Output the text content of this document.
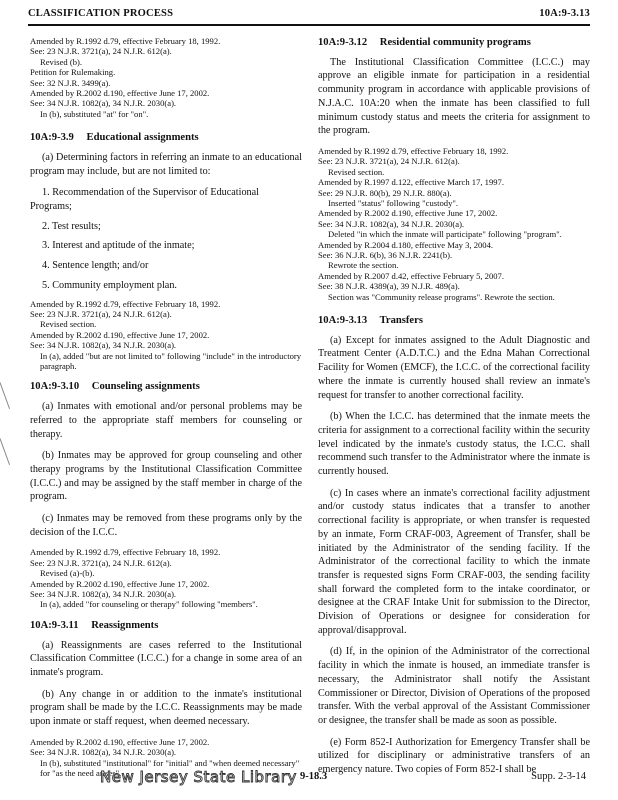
CLASSIFICATION PROCESS	10A:9-3.13
Amended by R.1992 d.79, effective February 18, 1992.
See: 23 N.J.R. 3721(a), 24 N.J.R. 612(a).

Revised (b).
Petition for Rulemaking.
See: 32 N.J.R. 3499(a).
Amended by R.2002 d.190, effective June 17, 2002.
See: 34 N.J.R. 1082(a), 34 N.J.R. 2030(a).

In (b), substituted "at" for "on".
10A:9-3.9 Educational assignments

(a) Determining factors in referring an inmate to an educational program may include, but are not limited to:

1. Recommendation of the Supervisor of Educational Programs;
2. Test results;
3. Interest and aptitude of the inmate;
4. Sentence length; and/or
5. Community employment plan.
Amended by R.1992 d.79, effective February 18, 1992.
See: 23 N.J.R. 3721(a), 24 N.J.R. 612(a).

Revised section.
Amended by R.2002 d.190, effective June 17, 2002.
See: 34 N.J.R. 1082(a), 34 N.J.R. 2030(a).

In (a), added "but are not limited to" following "include" in the introductory paragraph.
10A:9-3.10 Counseling assignments

(a) Inmates with emotional and/or personal problems may be referred to the appropriate staff members for counseling or therapy.

(b) Inmates may be approved for group counseling and other therapy programs by the Institutional Classification Committee (I.C.C.) and may be assigned by the staff member in charge of the program.

(c) Inmates may be removed from these programs only by the decision of the I.C.C.

Amended by R.1992 d.79, effective February 18, 1992.
See: 23 N.J.R. 3721(a), 24 N.J.R. 612(a).

Revised (a)-(b).
Amended by R.2002 d.190, effective June 17, 2002.
See: 34 N.J.R. 1082(a), 34 N.J.R. 2030(a).

In (a), added "for counseling or therapy" following "members".
10A:9-3.11 Reassignments

(a) Reassignments are cases referred to the Institutional Classification Committee (I.C.C.) for a change in some area of an inmate's program.

(b) Any change in or addition to the inmate's institutional program shall be made by the I.C.C. Reassignments may be made upon inmate or staff request, when deemed necessary.

Amended by R.2002 d.190, effective June 17, 2002.
See: 34 N.J.R. 1082(a), 34 N.J.R. 2030(a).

In (b), substituted "institutional" for "initial" and "when deemed necessary" for "as the need arises".
10A:9-3.12 Residential community programs

The Institutional Classification Committee (I.C.C.) may approve an eligible inmate for participation in a residential community program in accordance with applicable provisions of N.J.A.C. 10A:20 when the inmate has been classified to full minimum custody status and meets the criteria for assignment to the program.

Amended by R.1992 d.79, effective February 18, 1992.
See: 23 N.J.R. 3721(a), 24 N.J.R. 612(a).

Revised section.
Amended by R.1997 d.122, effective March 17, 1997.
See: 29 N.J.R. 80(b), 29 N.J.R. 880(a).

Inserted "status" following "custody".
Amended by R.2002 d.190, effective June 17, 2002.
See: 34 N.J.R. 1082(a), 34 N.J.R. 2030(a).

Deleted "in which the inmate will participate" following "program".
Amended by R.2004 d.180, effective May 3, 2004.
See: 36 N.J.R. 6(b), 36 N.J.R. 2241(b).

Rewrote the section.
Amended by R.2007 d.42, effective February 5, 2007.
See: 38 N.J.R. 4389(a), 39 N.J.R. 489(a).

Section was "Community release programs". Rewrote the section.
10A:9-3.13 Transfers

(a) Except for inmates assigned to the Adult Diagnostic and Treatment Center (A.D.T.C.) and the Edna Mahan Correctional Facility for Women (EMCF), the I.C.C. of the correctional facility where the inmate is currently housed shall review an inmate's request for transfer to another correctional facility.

(b) When the I.C.C. has determined that the inmate meets the criteria for assignment to a correctional facility within the security level indicated by the inmate's custody status, the I.C.C. shall recommend such transfer to the Administrator where the inmate is currently housed.

(c) In cases where an inmate's correctional facility adjustment and/or custody status indicates that a transfer to another correctional facility is appropriate, or when transfer is requested by an inmate, Form CRAF-003, Agreement of Transfer, shall be initiated by the Administrator of the sending facility. If the Administrator of the correctional facility to which the inmate transfer is requested signs Form CRAF-003, the sending facility shall forward the completed form to the intake coordinator, or designee at the CRAF Intake Unit for submission to the Director, Division of Operations or designee for consideration for approval/disapproval.

(d) If, in the opinion of the Administrator of the correctional facility in which the inmate is housed, an immediate transfer is necessary, the Administrator shall notify the Assistant Commissioner or Director, Division of Operations of the proposed transfer. With the verbal approval of the Assistant Commissioner or designee, the transfer shall be made as soon as possible.

(e) Form 852-I Authorization for Emergency Transfer shall be utilized for disciplinary or administrative transfers of an emergency nature. Two copies of Form 852-I shall be

New Jersey State Library 9-18.3	Supp. 2-3-14
